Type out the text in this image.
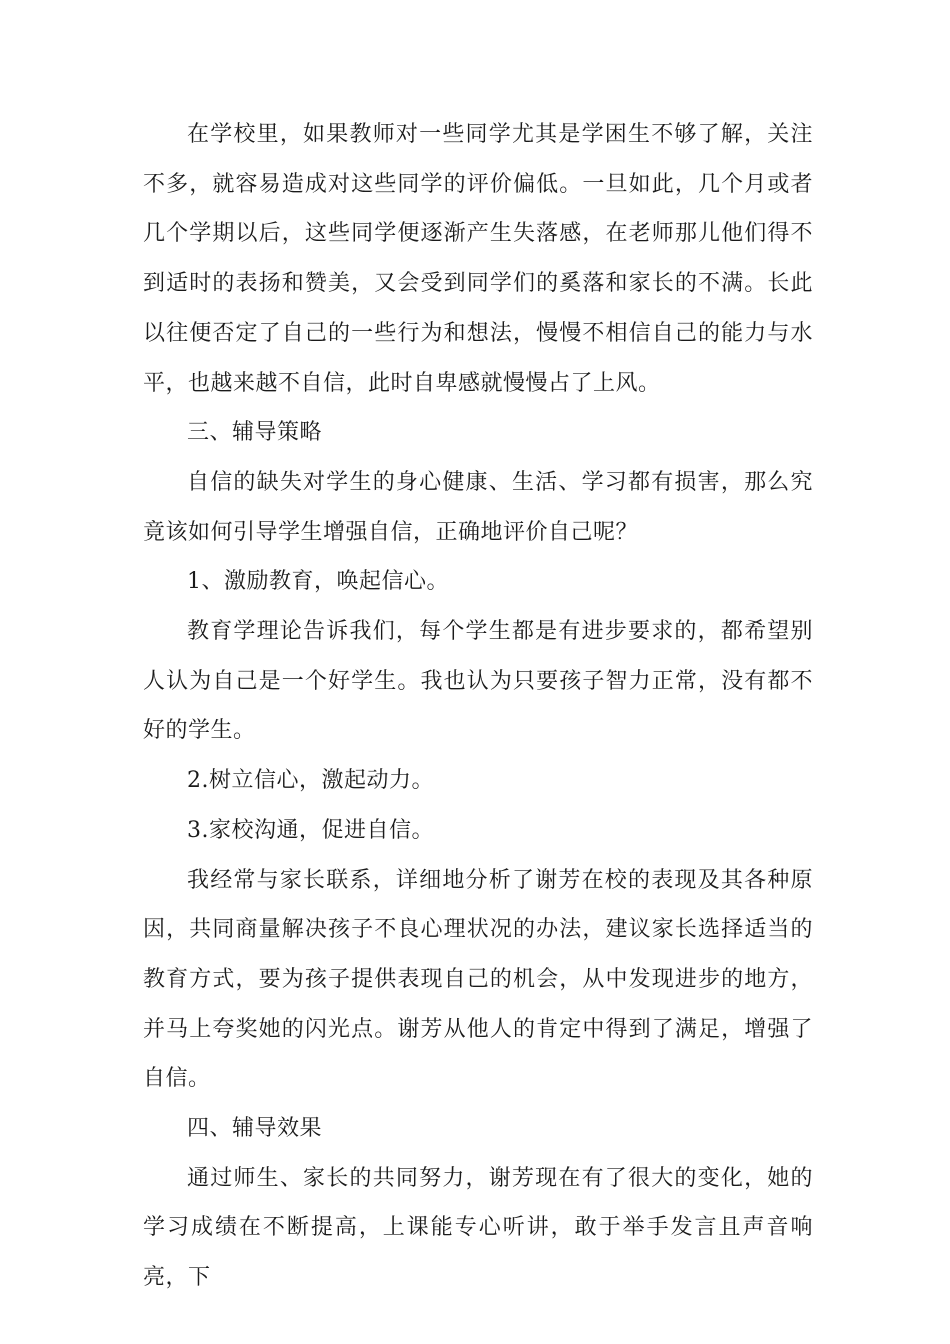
在学校里，如果教师对一些同学尤其是学困生不够了解，关注不多，就容易造成对这些同学的评价偏低。一旦如此，几个月或者几个学期以后，这些同学便逐渐产生失落感，在老师那儿他们得不到适时的表扬和赞美，又会受到同学们的奚落和家长的不满。长此以往便否定了自己的一些行为和想法，慢慢不相信自己的能力与水平，也越来越不自信，此时自卑感就慢慢占了上风。

三、辅导策略

自信的缺失对学生的身心健康、生活、学习都有损害，那么究竟该如何引导学生增强自信，正确地评价自己呢？

1、激励教育，唤起信心。

教育学理论告诉我们，每个学生都是有进步要求的，都希望别人认为自己是一个好学生。我也认为只要孩子智力正常，没有都不好的学生。

2.树立信心，激起动力。

3.家校沟通，促进自信。

我经常与家长联系，详细地分析了谢芳在校的表现及其各种原因，共同商量解决孩子不良心理状况的办法，建议家长选择适当的教育方式，要为孩子提供表现自己的机会，从中发现进步的地方，并马上夸奖她的闪光点。谢芳从他人的肯定中得到了满足，增强了自信。

四、辅导效果

通过师生、家长的共同努力，谢芳现在有了很大的变化，她的学习成绩在不断提高，上课能专心听讲，敢于举手发言且声音响亮，下
